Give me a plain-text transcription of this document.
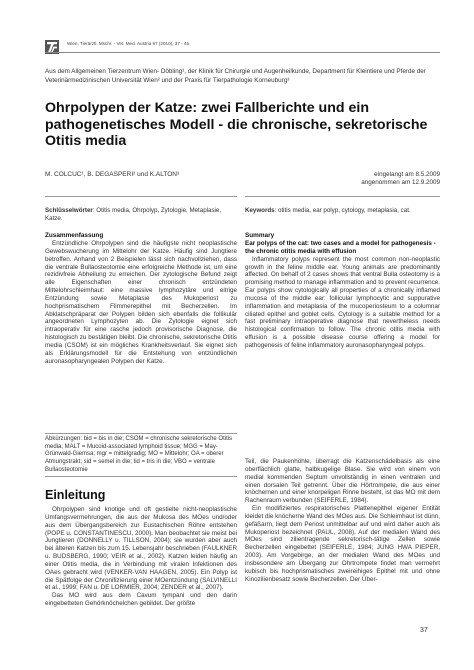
Wien. Tierärztl. Mschr. - Vet. Med. Austria 97 (2010), 37 - 45
Aus dem Allgemeinen Tierzentrum Wien- Döbling¹, der Klinik für Chirurgie und Augenheilkunde, Department für Kleintiere und Pferde der Veterinärmedizinischen Universität Wien² und der Praxis für Tierpathologie Korneuburg³
Ohrpolypen der Katze: zwei Fallberichte und ein pathogenetisches Modell - die chronische, sekretorische Otitis media
M. COLCUC¹, B. DEGASPERI² und K.ALTON³	eingelangt am 8.5.2009
angenommen am 12.9.2009
Schlüsselwörter: Otitis media, Ohrpolyp, Zytologie, Metaplasie, Katze.
Keywords: otitis media, ear polyp, cytology, metaplasia, cat.
Zusammenfassung

Entzündliche Ohrpolypen sind die häufigste nicht neoplastische Gewebswucherung im Mittelohr der Katze. Häufig sind Jungtiere betroffen. Anhand von 2 Beispielen lässt sich nachvollziehen, dass die ventrale Bullaosteotomie eine erfolgreiche Methode ist, um eine rezidivfreie Abheilung zu erreichen. Der zytologische Befund zeigt alle Eigenschaften einer chronisch entzündeten Mittelohrschleimhaut: eine massive lymphozytäre und eitrige Entzündung sowie Metaplasie des Mukoperiost zu hochprismatischem Flimmerepithel mit Becherzellen. Im Abklatschpräparat der Polypen bilden sich ebenfalls die follikulär angeordneten Lymphozyten ab. Die Zytologie eignet sich intraoperativ für eine rasche jedoch provisorische Diagnose, die histologisch zu bestätigen bleibt. Die chronische, sekretorische Otitis media (CSOM) ist ein mögliches Krankheitsverlauf. Sie eignet sich als Erklärungsmodell für die Entstehung von entzündlichen auronasopharyngealen Polypen der Katze.

Summary
Ear polyps of the cat: two cases and a model for pathogenesis - the chronic otitis media with effusion

Inflammatory polyps represent the most common non-neoplastic growth in the feline middle ear. Young animals are predominantly affected. On behalf of 2 cases shows that ventral Bulla osteotomy is a promising method to manage inflammation and to prevent recurrence. Ear polyps show cytologically all properties of a chronically inflamed mucosa of the middle ear: follicular lymphocytic and suppurative inflammation and metaplasia of the mucoperiosteum to a columnar ciliated epithel and goblet cells. Cytology is a suitable method for a fast preliminary intraoperative diagnose that nevertheless needs histological confirmation to follow. The chronic otitis media with effusion is a possible disease course offering a model for pathogenesis of feline inflammatory auronasopharyngeal polyps.

Abkürzungen: bid = bis in die; CSOM = chronische sekretorische Otitis media; MALT = Mucoid-associated lymphoid tissue; MGG = May-Grünwald-Giemsa; mgr = mittelgradig; MO = Mittelohr; OA = oberer Atmungstrakt; sid = semel in die; tid = tris in die; VBO = ventrale Bullaosteotomie
Einleitung

Ohrpolypen sind knotige und oft gestielte nicht-neoplastische Umfangsvermehrungen, die aus der Mukosa des MOes und/oder aus dem Übergangsbereich zur Eustachischen Röhre entstehen (POPE u. CONSTANTINESCU, 2000). Man beobachtet sie meist bei Jungtieren (DONNELLY u. TILLSON, 2004); sie wurden aber auch bei älteren Katzen bis zum 15. Lebensjahr beschrieben (FAULKNER u. BUDSBERG, 1990; VEIR et al., 2002). Katzen leiden häufig an einer Otitis media, die in Verbindung mit viralen Infektionen des OAes gebracht wird (VENKER-VAN HAAGEN, 2005). Ein Polyp ist die Spätfolge der Chronifizierung einer MOentzündung (SALVINELLI et al., 1999; FAN u. DE LORMIER, 2004; ZENDER et al., 2007).

Das MO wird aus dem Cavum tympani und den darin eingebetteten Gehörknöchelchen gebildet. Der größte

Teil, die Paukenhöhle, überragt die Katzenschädelbasis als eine oberflächlich glatte, halbkugelige Blase. Sie wird von einem von medial kommenden Septum unvollständig in einen ventralen und einen dorsalen Teil getrennt. Über die Hörtrompete, die aus einer knöchernen und einer knorpeligen Rinne besteht, ist das MO mit dem Rachenraum verbunden (SEIFERLE, 1984).

Ein modifiziertes respiratorisches Plattenepithel eigener Entität kleidet die knöcherne Wand des MOes aus. Die Schleimhaut ist dünn, gefäßarm, liegt dem Periost unmittelbar auf und wird daher auch als Mukoperiost bezeichnet (PAUL, 2008). Auf der medialen Wand des MOes sind zilientragende sekretorisch-tätige Zellen sowie Becherzellen eingebettet (SEIFERLE, 1984; JUNG HWA PIEPER, 2003). Am Vorgebirge, an der medialen Wand des MOes und insbesondere am Übergang zur Ohrtrompete findet man vermehrt kubisch bis hochprismatisches zweireihiges Epithel mit und ohne Kinozilienbesatz sowie Becherzellen. Der Über-

37
